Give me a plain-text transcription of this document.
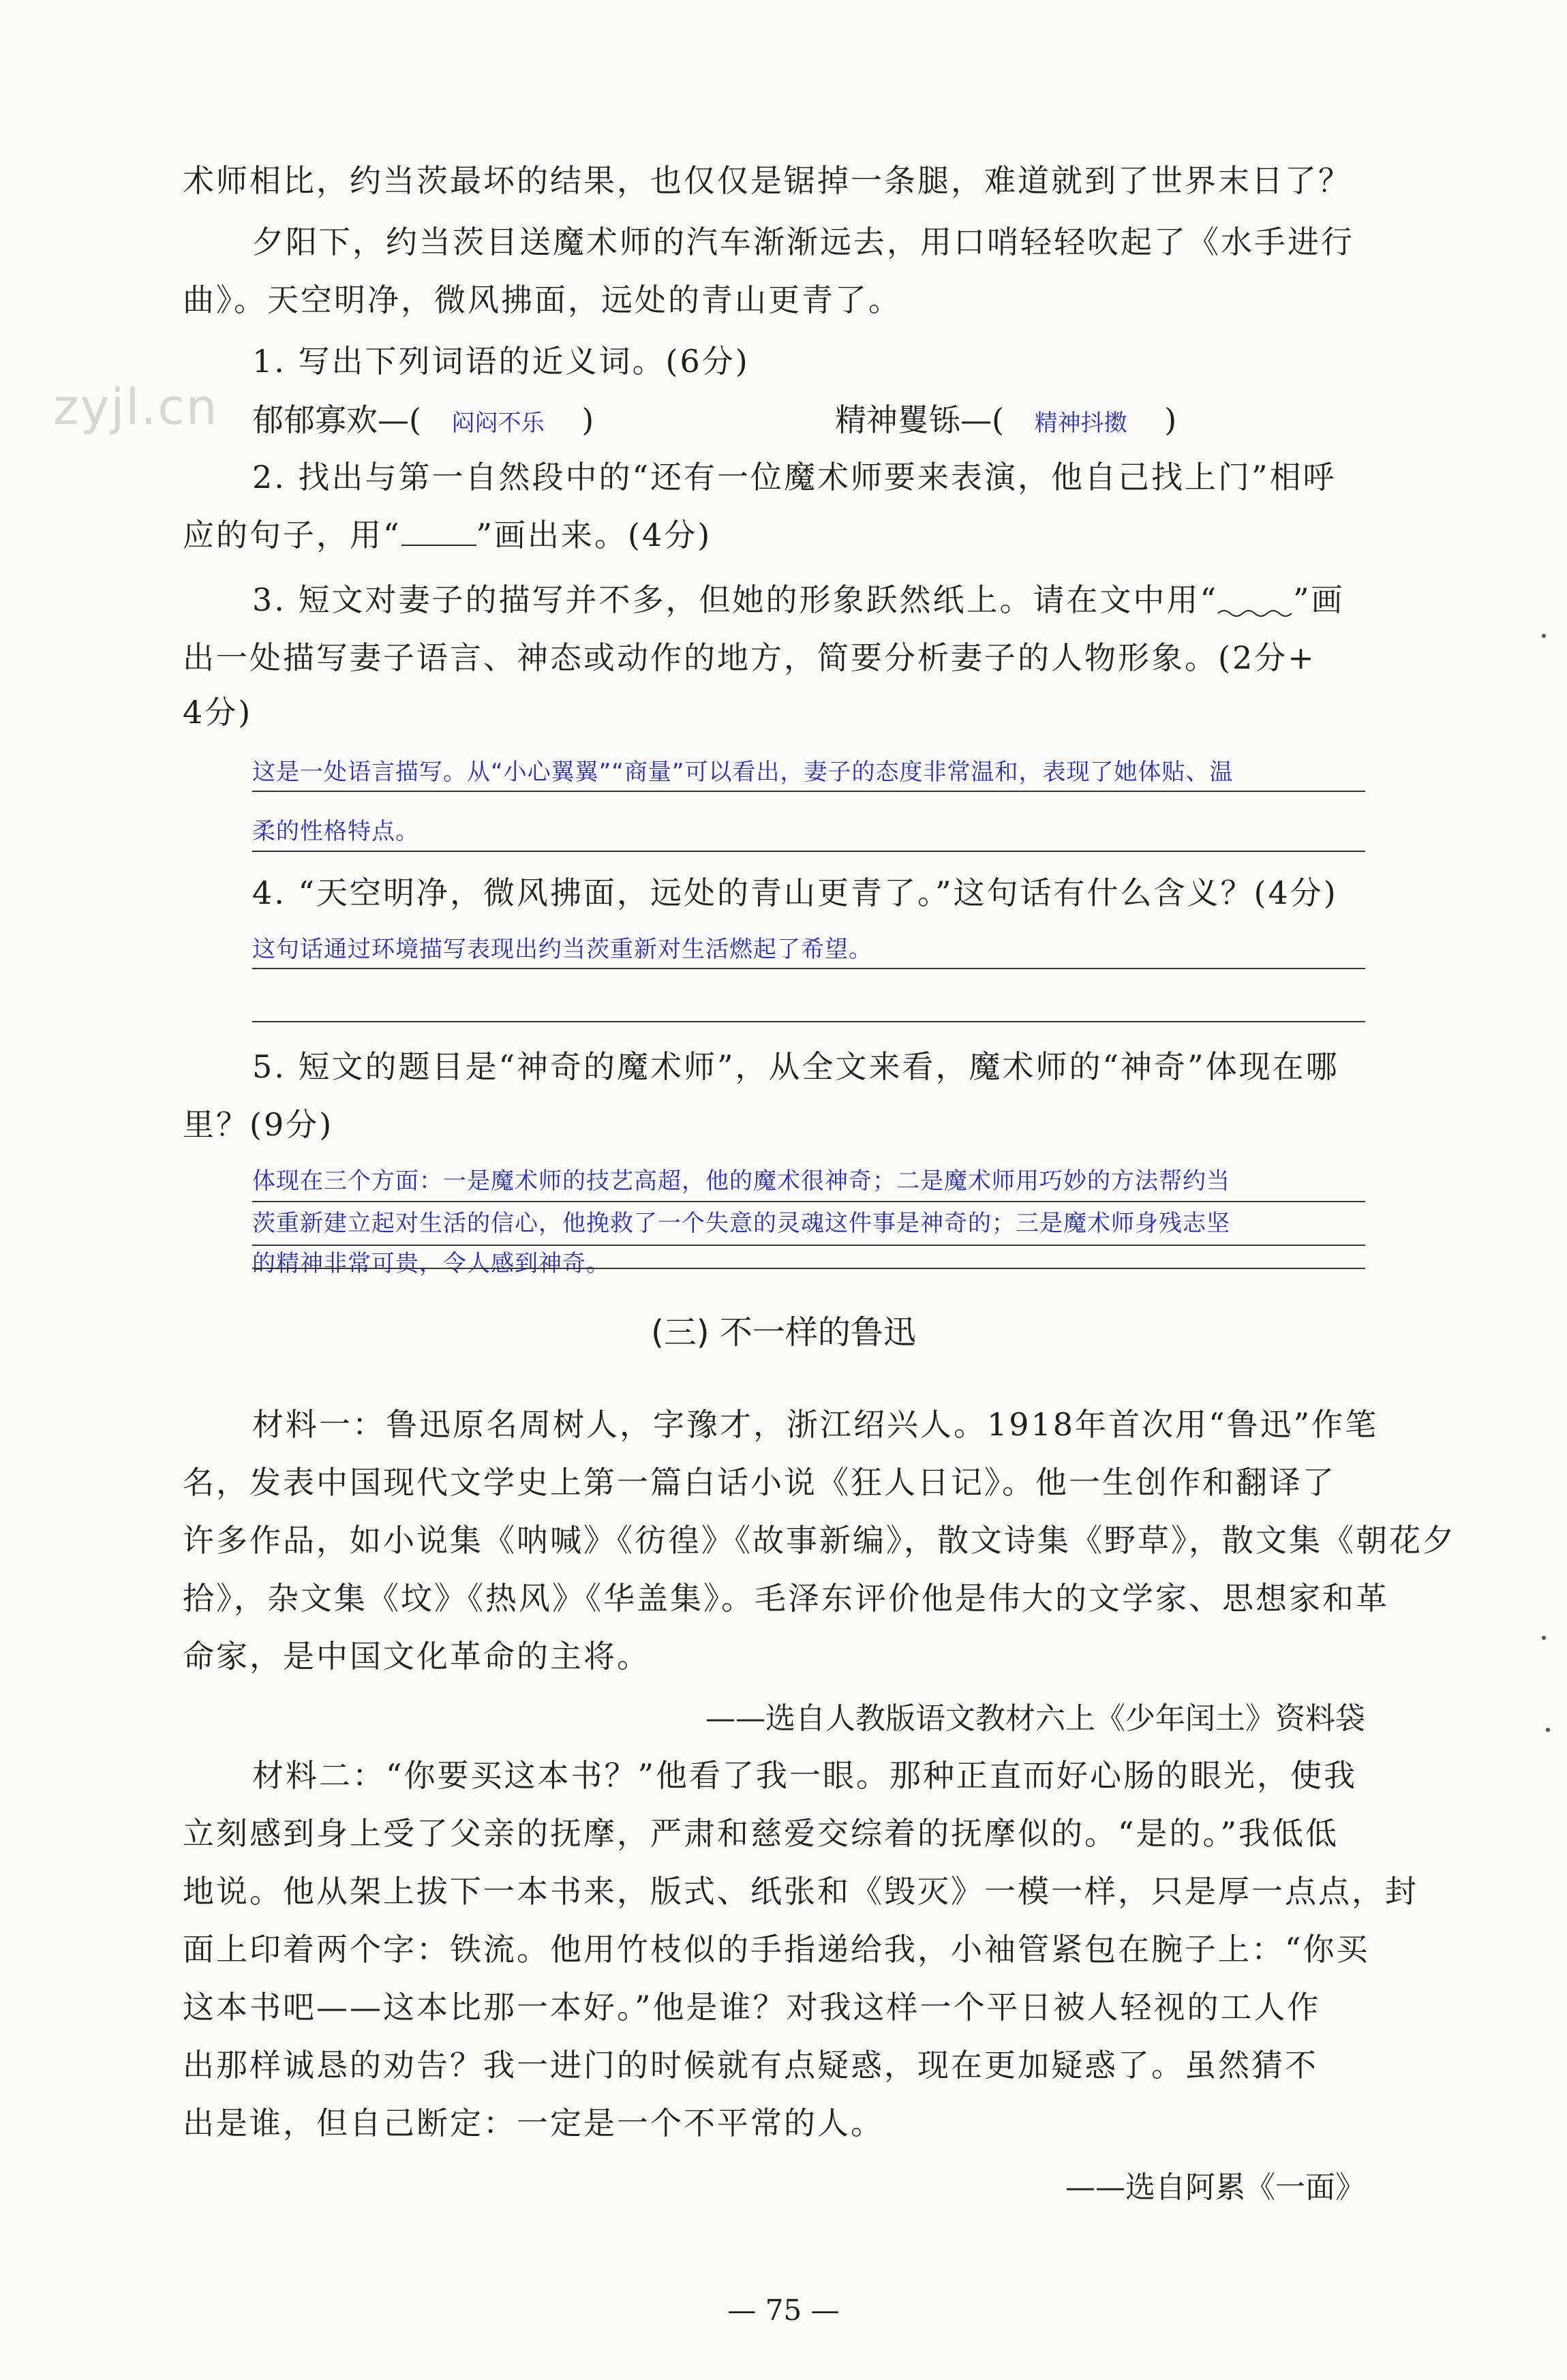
zyjl.cn
术师相比，约当茨最坏的结果，也仅仅是锯掉一条腿，难道就到了世界末日了？
夕阳下，约当茨目送魔术师的汽车渐渐远去，用口哨轻轻吹起了《水手进行
曲》。天空明净，微风拂面，远处的青山更青了。
1. 写出下列词语的近义词。(6分)
郁郁寡欢—( 闷闷不乐 )	精神矍铄—( 精神抖擞 )
2. 找出与第一自然段中的“还有一位魔术师要来表演，他自己找上门”相呼
应的句子，用“ ”画出来。(4分)
3. 短文对妻子的描写并不多，但她的形象跃然纸上。请在文中用“ ”画
出一处描写妻子语言、神态或动作的地方，简要分析妻子的人物形象。(2分+
4分)
这是一处语言描写。从“小心翼翼”“商量”可以看出，妻子的态度非常温和，表现了她体贴、温
柔的性格特点。
4. “天空明净，微风拂面，远处的青山更青了。”这句话有什么含义？(4分)
这句话通过环境描写表现出约当茨重新对生活燃起了希望。
5. 短文的题目是“神奇的魔术师”，从全文来看，魔术师的“神奇”体现在哪
里？(9分)
体现在三个方面：一是魔术师的技艺高超，他的魔术很神奇；二是魔术师用巧妙的方法帮约当
茨重新建立起对生活的信心，他挽救了一个失意的灵魂这件事是神奇的；三是魔术师身残志坚
的精神非常可贵，令人感到神奇。
(三) 不一样的鲁迅
材料一：鲁迅原名周树人，字豫才，浙江绍兴人。1918年首次用“鲁迅”作笔
名，发表中国现代文学史上第一篇白话小说《狂人日记》。他一生创作和翻译了
许多作品，如小说集《呐喊》《彷徨》《故事新编》，散文诗集《野草》，散文集《朝花夕
拾》，杂文集《坟》《热风》《华盖集》。毛泽东评价他是伟大的文学家、思想家和革
命家，是中国文化革命的主将。
——选自人教版语文教材六上《少年闰土》资料袋
材料二：“你要买这本书？”他看了我一眼。那种正直而好心肠的眼光，使我
立刻感到身上受了父亲的抚摩，严肃和慈爱交综着的抚摩似的。“是的。”我低低
地说。他从架上拔下一本书来，版式、纸张和《毁灭》一模一样，只是厚一点点，封
面上印着两个字：铁流。他用竹枝似的手指递给我，小袖管紧包在腕子上：“你买
这本书吧——这本比那一本好。”他是谁？对我这样一个平日被人轻视的工人作
出那样诚恳的劝告？我一进门的时候就有点疑惑，现在更加疑惑了。虽然猜不
出是谁，但自己断定：一定是一个不平常的人。
——选自阿累《一面》
— 75 —
